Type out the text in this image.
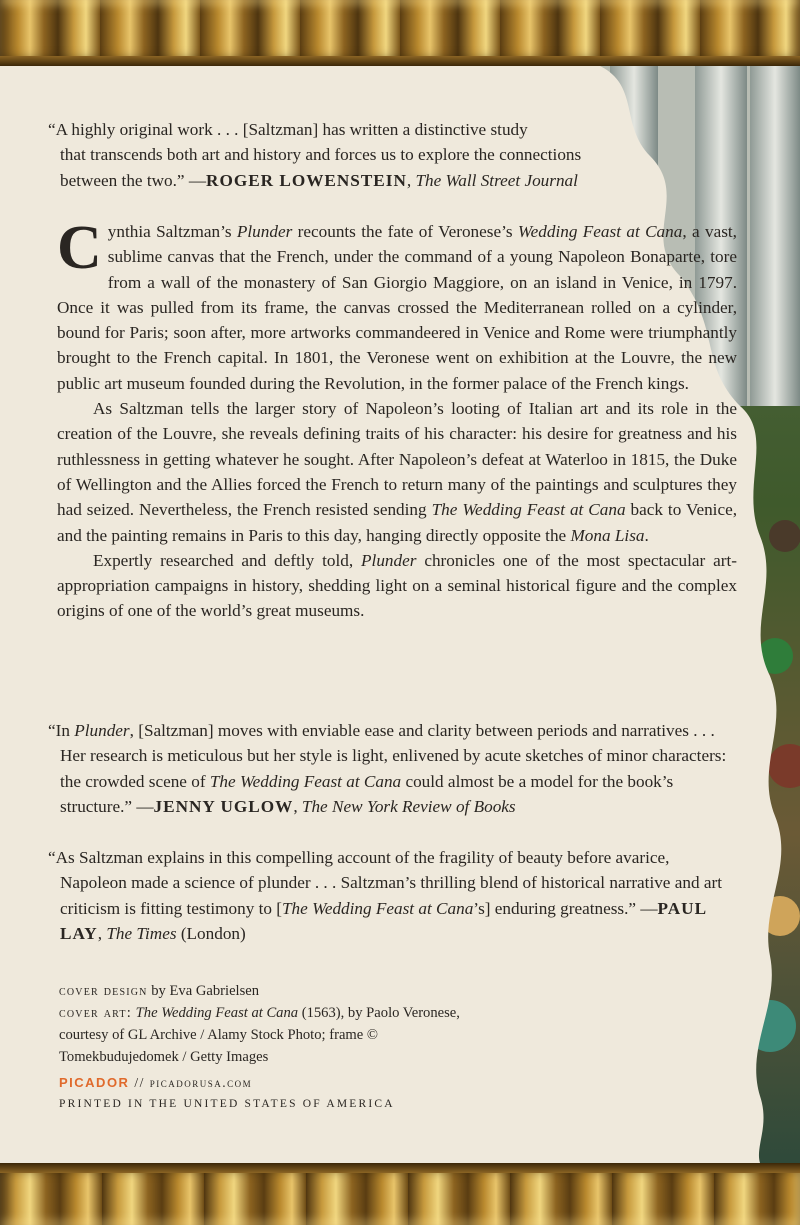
“A highly original work . . . [Saltzman] has written a distinctive study
that transcends both art and history and forces us to explore the connections
between the two.” —ROGER LOWENSTEIN, The Wall Street Journal

Cynthia Saltzman’s Plunder recounts the fate of Veronese’s Wedding Feast at Cana, a vast, sublime canvas that the French, under the command of a young Napoleon Bonaparte, tore from a wall of the monastery of San Giorgio Maggiore, on an island in Venice, in 1797. Once it was pulled from its frame, the canvas crossed the Mediterranean rolled on a cylinder, bound for Paris; soon after, more artworks commandeered in Venice and Rome were triumphantly brought to the French capital. In 1801, the Veronese went on exhibition at the Louvre, the new public art museum founded during the Revolution, in the former palace of the French kings.

As Saltzman tells the larger story of Napoleon’s looting of Italian art and its role in the creation of the Louvre, she reveals defining traits of his character: his desire for greatness and his ruthlessness in getting whatever he sought. After Napoleon’s defeat at Waterloo in 1815, the Duke of Wellington and the Allies forced the French to return many of the paintings and sculptures they had seized. Nevertheless, the French resisted sending The Wedding Feast at Cana back to Venice, and the painting remains in Paris to this day, hanging directly opposite the Mona Lisa.

Expertly researched and deftly told, Plunder chronicles one of the most spectacular art-appropriation campaigns in history, shedding light on a seminal historical figure and the complex origins of one of the world’s great museums.

“In Plunder, [Saltzman] moves with enviable ease and clarity between periods and narratives . . . Her research is meticulous but her style is light, enlivened by acute sketches of minor characters: the crowded scene of The Wedding Feast at Cana could almost be a model for the book’s structure.” —JENNY UGLOW, The New York Review of Books
“As Saltzman explains in this compelling account of the fragility of beauty before avarice, Napoleon made a science of plunder . . . Saltzman’s thrilling blend of historical narrative and art criticism is fitting testimony to [The Wedding Feast at Cana’s] enduring greatness.” —PAUL LAY, The Times (London)
cover design by Eva Gabrielsen
cover art: The Wedding Feast at Cana (1563), by Paolo Veronese, courtesy of GL Archive / Alamy Stock Photo; frame © Tomekbudujedomek / Getty Images
PICADOR // picadorusa.com
PRINTED IN THE UNITED STATES OF AMERICA
